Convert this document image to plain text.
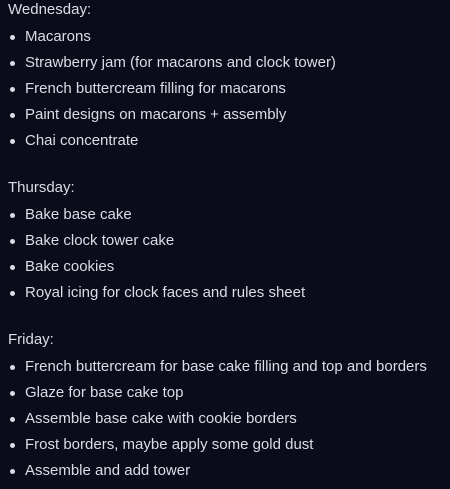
Wednesday:
Macarons
Strawberry jam (for macarons and clock tower)
French buttercream filling for macarons
Paint designs on macarons + assembly
Chai concentrate
Thursday:
Bake base cake
Bake clock tower cake
Bake cookies
Royal icing for clock faces and rules sheet
Friday:
French buttercream for base cake filling and top and borders
Glaze for base cake top
Assemble base cake with cookie borders
Frost borders, maybe apply some gold dust
Assemble and add tower
